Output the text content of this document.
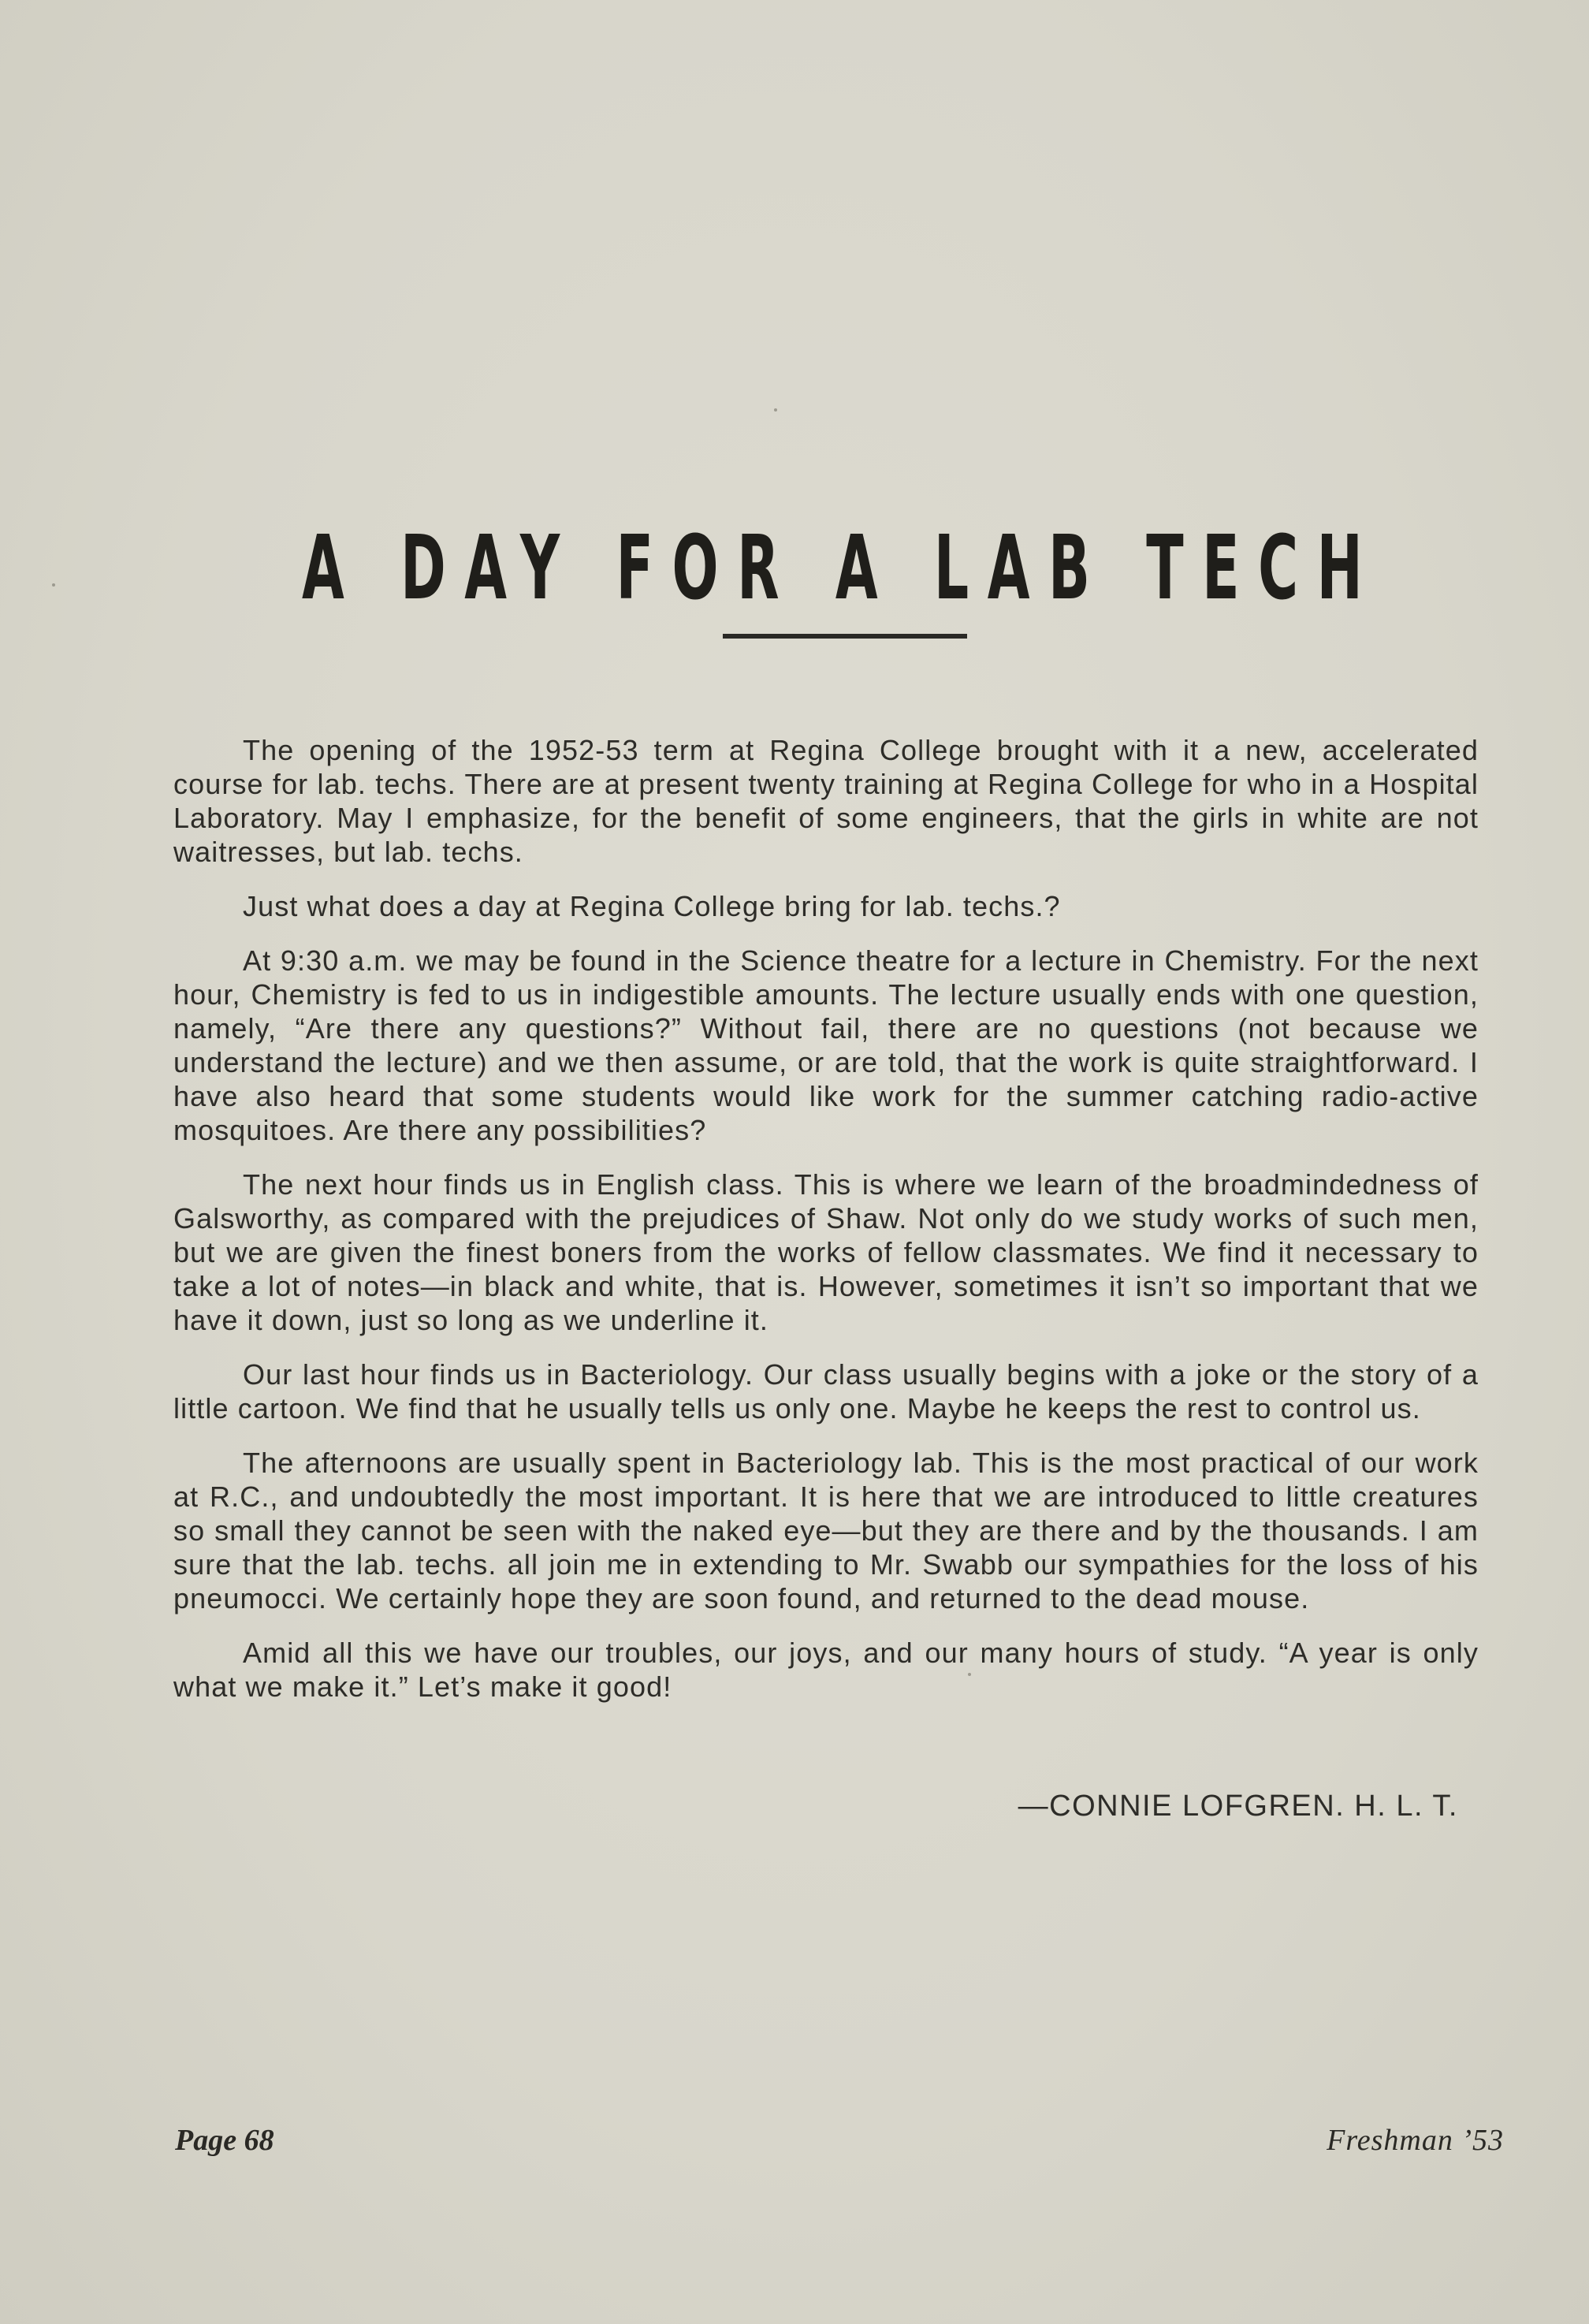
A DAY FOR A LAB TECH

The opening of the 1952-53 term at Regina College brought with it a new, accelerated course for lab. techs. There are at present twenty training at Regina College for who in a Hospital Laboratory. May I emphasize, for the benefit of some engineers, that the girls in white are not waitresses, but lab. techs.

Just what does a day at Regina College bring for lab. techs.?

At 9:30 a.m. we may be found in the Science theatre for a lecture in Chemistry. For the next hour, Chemistry is fed to us in indigestible amounts. The lecture usually ends with one question, namely, “Are there any questions?” Without fail, there are no questions (not because we understand the lecture) and we then assume, or are told, that the work is quite straightforward. I have also heard that some students would like work for the summer catching radio-active mosquitoes. Are there any possibilities?

The next hour finds us in English class. This is where we learn of the broadmindedness of Galsworthy, as compared with the prejudices of Shaw. Not only do we study works of such men, but we are given the finest boners from the works of fellow classmates. We find it necessary to take a lot of notes—in black and white, that is. However, sometimes it isn’t so important that we have it down, just so long as we underline it.

Our last hour finds us in Bacteriology. Our class usually begins with a joke or the story of a little cartoon. We find that he usually tells us only one. Maybe he keeps the rest to control us.

The afternoons are usually spent in Bacteriology lab. This is the most practical of our work at R.C., and undoubtedly the most important. It is here that we are introduced to little creatures so small they cannot be seen with the naked eye—but they are there and by the thousands. I am sure that the lab. techs. all join me in extending to Mr. Swabb our sympathies for the loss of his pneumocci. We certainly hope they are soon found, and returned to the dead mouse.

Amid all this we have our troubles, our joys, and our many hours of study. “A year is only what we make it.” Let’s make it good!

—CONNIE LOFGREN. H. L. T.
Page 68	Freshman ’53
